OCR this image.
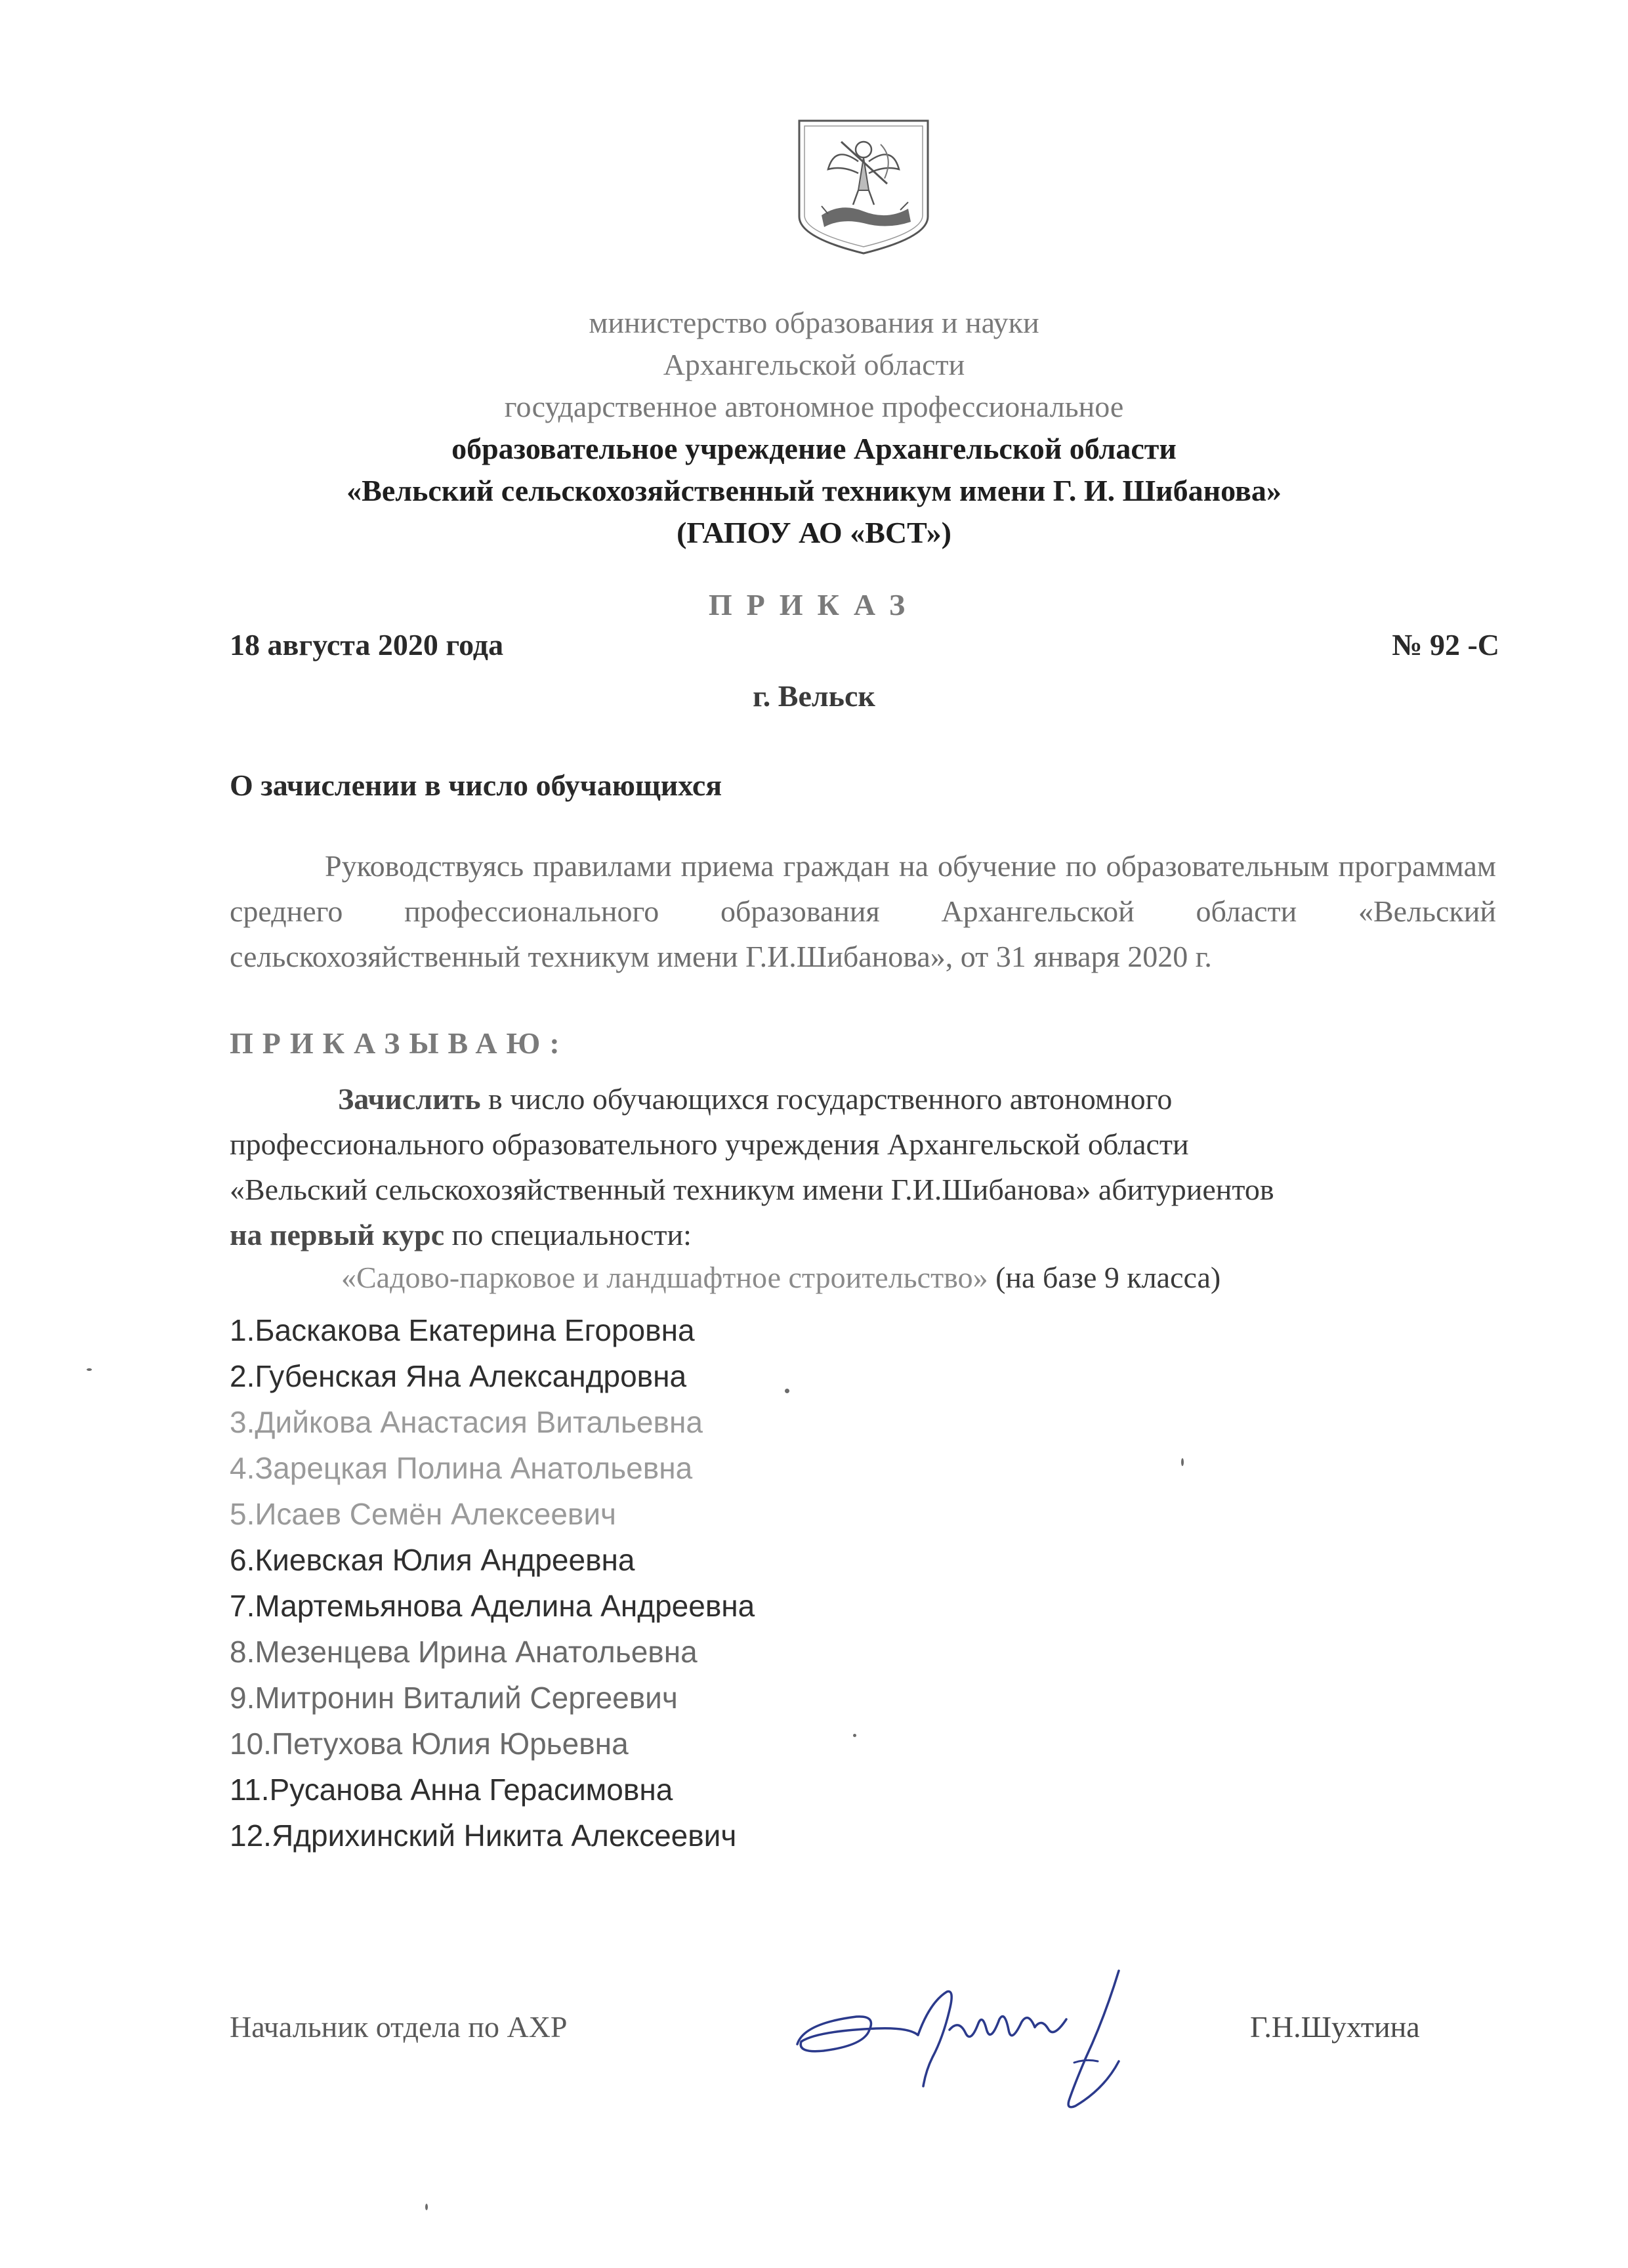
министерство образования и науки
Архангельской области
государственное автономное профессиональное
образовательное учреждение Архангельской области
«Вельский сельскохозяйственный техникум имени Г. И. Шибанова»
(ГАПОУ АО «ВСТ»)
ПРИКАЗ
18 августа 2020 года	№ 92 -С
г. Вельск
О зачислении в число обучающихся
Руководствуясь правилами приема граждан на обучение по образовательным программам среднего профессионального образования Архангельской области «Вельский сельскохозяйственный техникум имени Г.И.Шибанова», от 31 января 2020 г.
ПРИКАЗЫВАЮ:
Зачислить в число обучающихся государственного автономного
профессионального образовательного учреждения Архангельской области
«Вельский сельскохозяйственный техникум имени Г.И.Шибанова» абитуриентов
на первый курс по специальности:
«Садово-парковое и ландшафтное строительство» (на базе 9 класса)
1.Баскакова Екатерина Егоровна
2.Губенская Яна Александровна
3.Дийкова Анастасия Витальевна
4.Зарецкая Полина Анатольевна
5.Исаев Семён Алексеевич
6.Киевская Юлия Андреевна
7.Мартемьянова Аделина Андреевна
8.Мезенцева Ирина Анатольевна
9.Митронин Виталий Сергеевич
10.Петухова Юлия Юрьевна
11.Русанова Анна Герасимовна
12.Ядрихинский Никита Алексеевич
Начальник отдела по АХР	Г.Н.Шухтина
